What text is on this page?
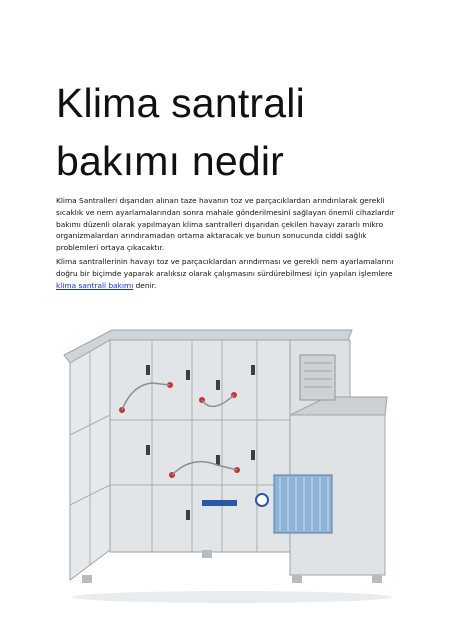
Klima santrali bakımı nedir
Klima Santralleri dışarıdan alınan taze havanın toz ve parçacıklardan arındırılarak gerekli sıcaklık ve nem ayarlamalarından sonra mahale gönderilmesini sağlayan önemli cihazlardır bakımı düzenli olarak yapılmayan klima santralleri dışarıdan çekilen havayı zararlı mikro organizmalardan arındıramadan ortama aktaracak ve bunun sonucunda ciddi sağlık problemleri ortaya çıkacaktır.
Klima santrallerinin havayı toz ve parçacıklardan arındırması ve gerekli nem ayarlamalarını doğru bir biçimde yaparak aralıksız olarak çalışmasını sürdürebilmesi için yapılan işlemlere klima santrali bakımı denir.
